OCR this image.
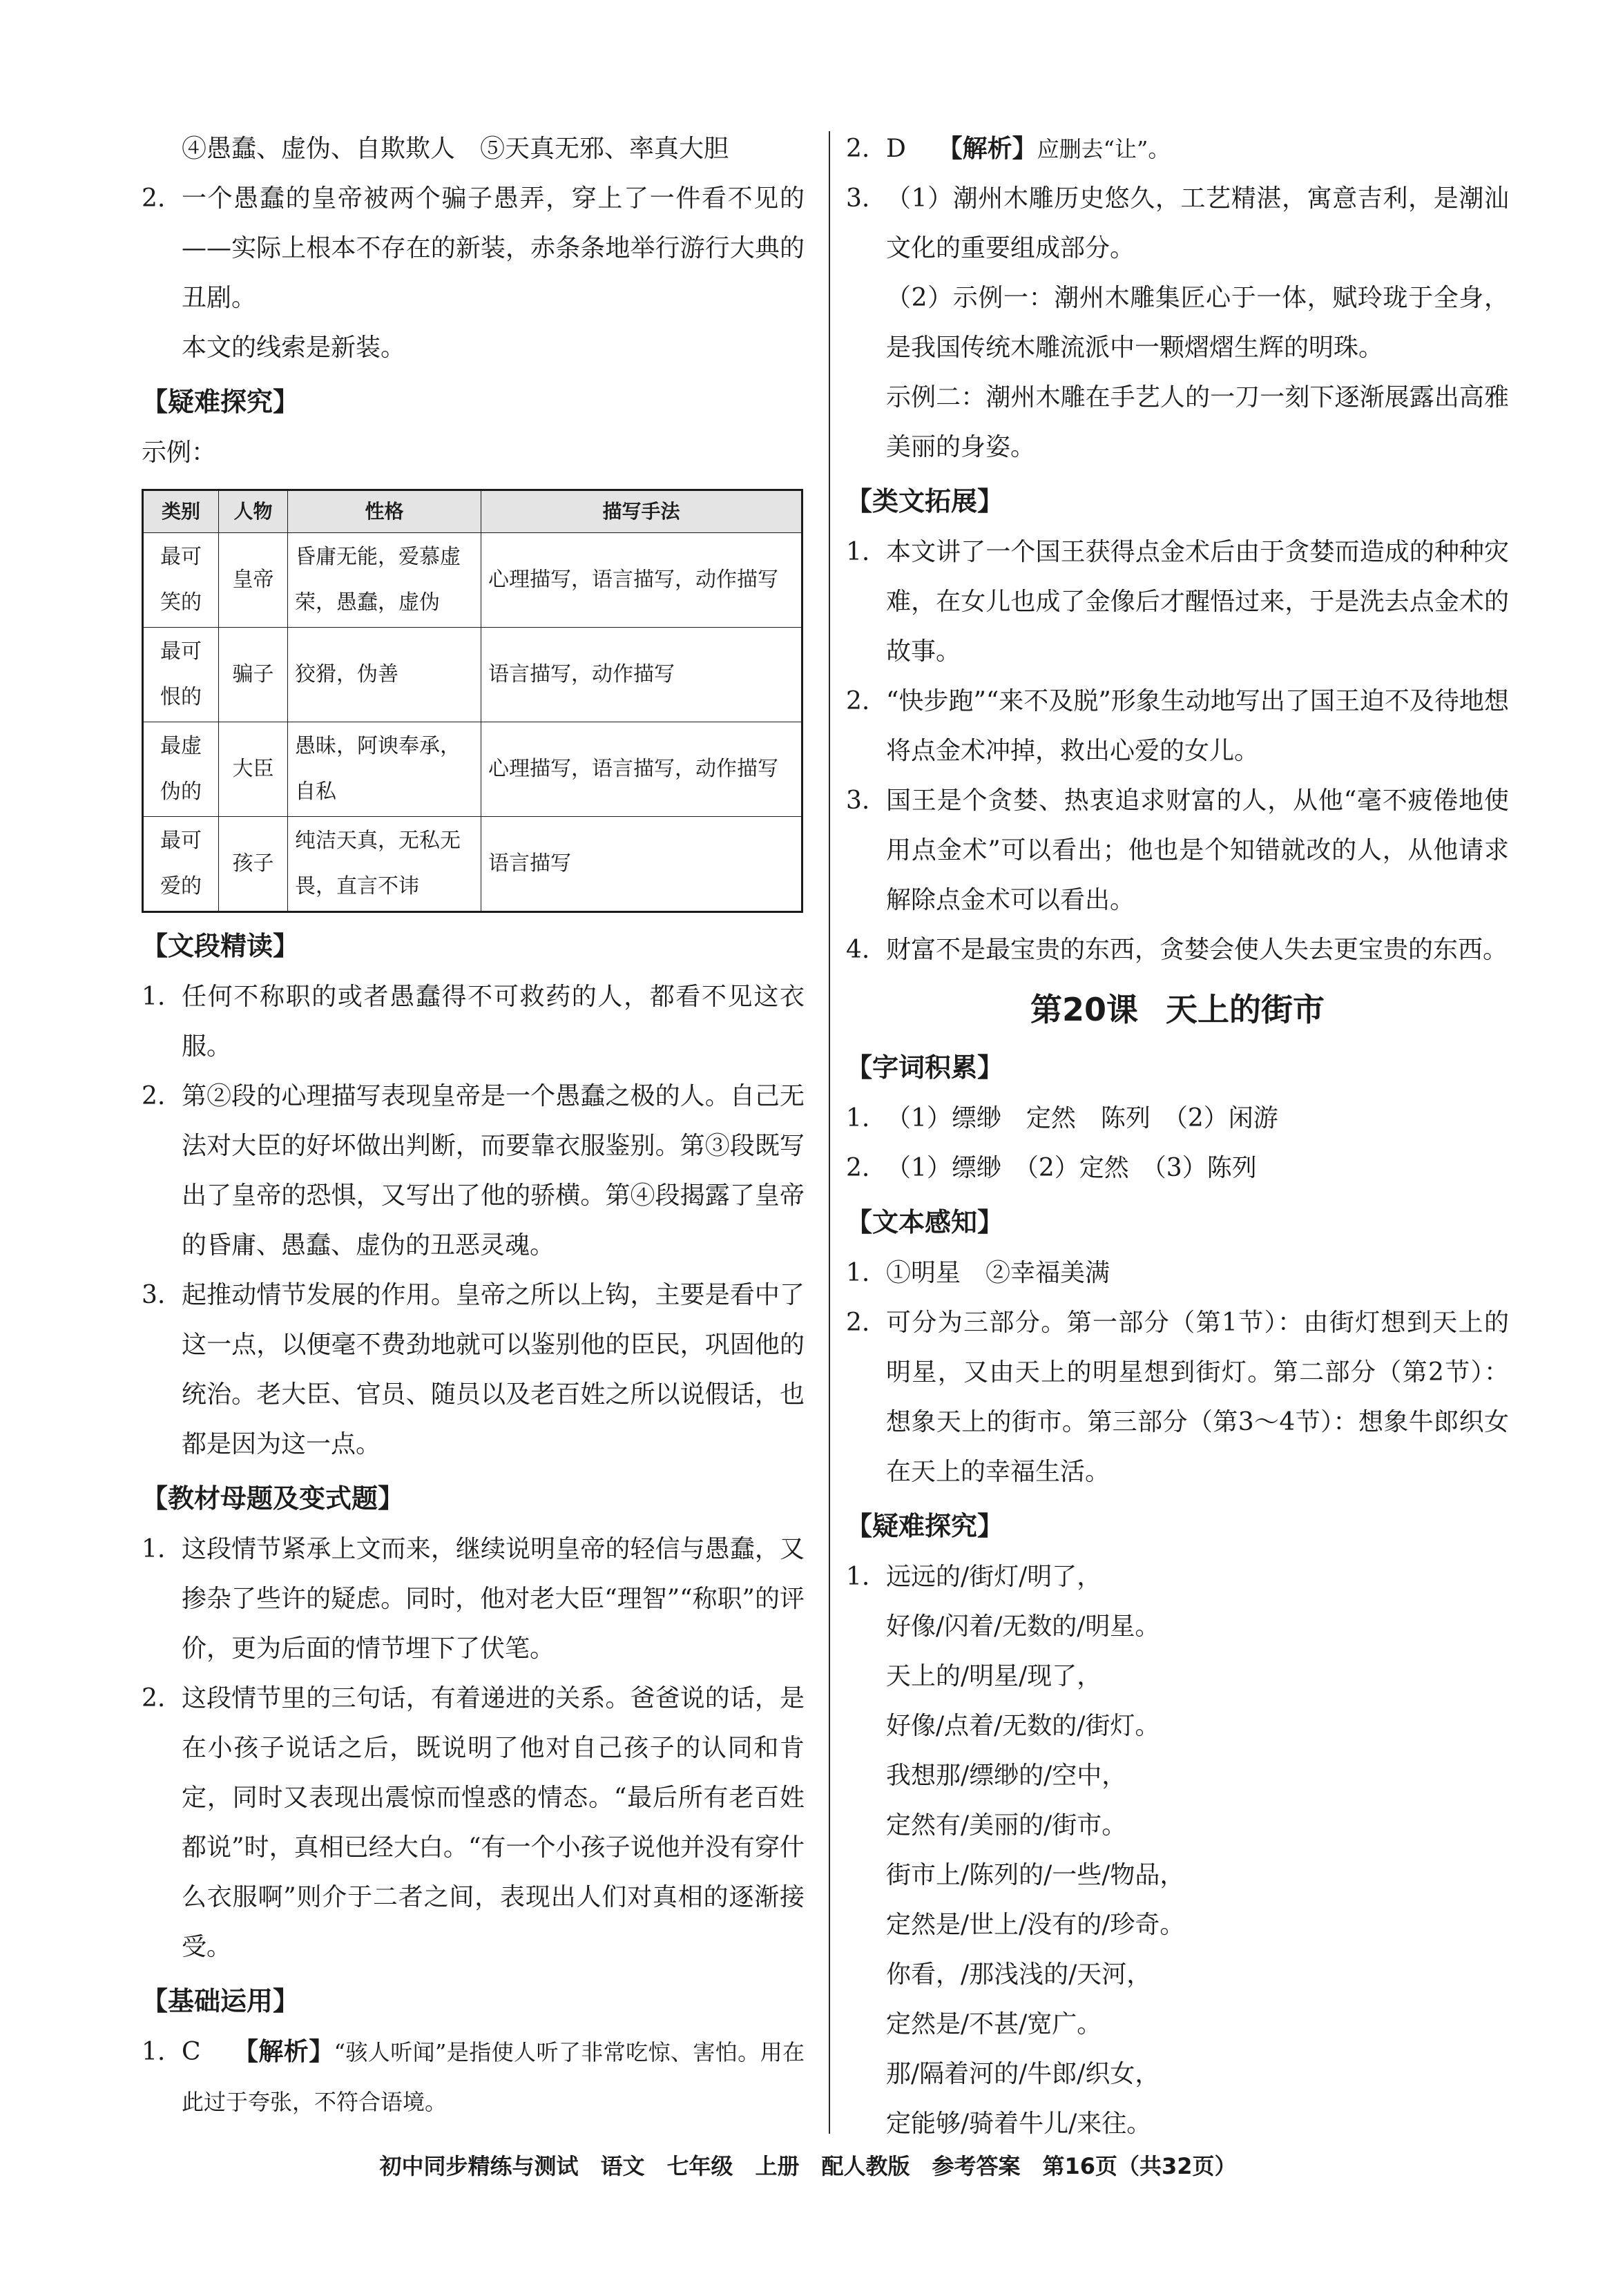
④愚蠢、虚伪、自欺欺人　⑤天真无邪、率真大胆

2. 一个愚蠢的皇帝被两个骗子愚弄，穿上了一件看不见的——实际上根本不存在的新装，赤条条地举行游行大典的丑剧。

本文的线索是新装。

【疑难探究】

示例：

类别	人物	性格	描写手法
最可笑的	皇帝	昏庸无能，爱慕虚荣，愚蠢，虚伪	心理描写，语言描写，动作描写
最可恨的	骗子	狡猾，伪善	语言描写，动作描写
最虚伪的	大臣	愚昧，阿谀奉承，自私	心理描写，语言描写，动作描写
最可爱的	孩子	纯洁天真，无私无畏，直言不讳	语言描写
【文段精读】
1. 任何不称职的或者愚蠢得不可救药的人，都看不见这衣服。

2. 第②段的心理描写表现皇帝是一个愚蠢之极的人。自己无法对大臣的好坏做出判断，而要靠衣服鉴别。第③段既写出了皇帝的恐惧，又写出了他的骄横。第④段揭露了皇帝的昏庸、愚蠢、虚伪的丑恶灵魂。

3. 起推动情节发展的作用。皇帝之所以上钩，主要是看中了这一点，以便毫不费劲地就可以鉴别他的臣民，巩固他的统治。老大臣、官员、随员以及老百姓之所以说假话，也都是因为这一点。

【教材母题及变式题】
1. 这段情节紧承上文而来，继续说明皇帝的轻信与愚蠢，又掺杂了些许的疑虑。同时，他对老大臣“理智”“称职”的评价，更为后面的情节埋下了伏笔。

2. 这段情节里的三句话，有着递进的关系。爸爸说的话，是在小孩子说话之后，既说明了他对自己孩子的认同和肯定，同时又表现出震惊而惶惑的情态。“最后所有老百姓都说”时，真相已经大白。“有一个小孩子说他并没有穿什么衣服啊”则介于二者之间，表现出人们对真相的逐渐接受。

【基础运用】
1. C 【解析】“骇人听闻”是指使人听了非常吃惊、害怕。用在此过于夸张，不符合语境。

2. D 【解析】应删去“让”。

3. （1）潮州木雕历史悠久，工艺精湛，寓意吉利，是潮汕文化的重要组成部分。

（2）示例一：潮州木雕集匠心于一体，赋玲珑于全身，是我国传统木雕流派中一颗熠熠生辉的明珠。

示例二：潮州木雕在手艺人的一刀一刻下逐渐展露出高雅美丽的身姿。

【类文拓展】
1. 本文讲了一个国王获得点金术后由于贪婪而造成的种种灾难，在女儿也成了金像后才醒悟过来，于是洗去点金术的故事。

2. “快步跑”“来不及脱”形象生动地写出了国王迫不及待地想将点金术冲掉，救出心爱的女儿。

3. 国王是个贪婪、热衷追求财富的人，从他“毫不疲倦地使用点金术”可以看出；他也是个知错就改的人，从他请求解除点金术可以看出。

4. 财富不是最宝贵的东西，贪婪会使人失去更宝贵的东西。

第20课 天上的街市
【字词积累】
1. （1）缥缈　定然　陈列　（2）闲游

2. （1）缥缈　（2）定然　（3）陈列

【文本感知】
1. ①明星　②幸福美满

2. 可分为三部分。第一部分（第1节）：由街灯想到天上的明星，又由天上的明星想到街灯。第二部分（第2节）：想象天上的街市。第三部分（第3～4节）：想象牛郎织女在天上的幸福生活。

【疑难探究】
1. 远远的/街灯/明了，

好像/闪着/无数的/明星。

天上的/明星/现了，

好像/点着/无数的/街灯。

我想那/缥缈的/空中，

定然有/美丽的/街市。

街市上/陈列的/一些/物品，

定然是/世上/没有的/珍奇。

你看，/那浅浅的/天河，

定然是/不甚/宽广。

那/隔着河的/牛郎/织女，

定能够/骑着牛儿/来往。

初中同步精练与测试　语文　七年级　上册　配人教版　参考答案　第16页（共32页）
